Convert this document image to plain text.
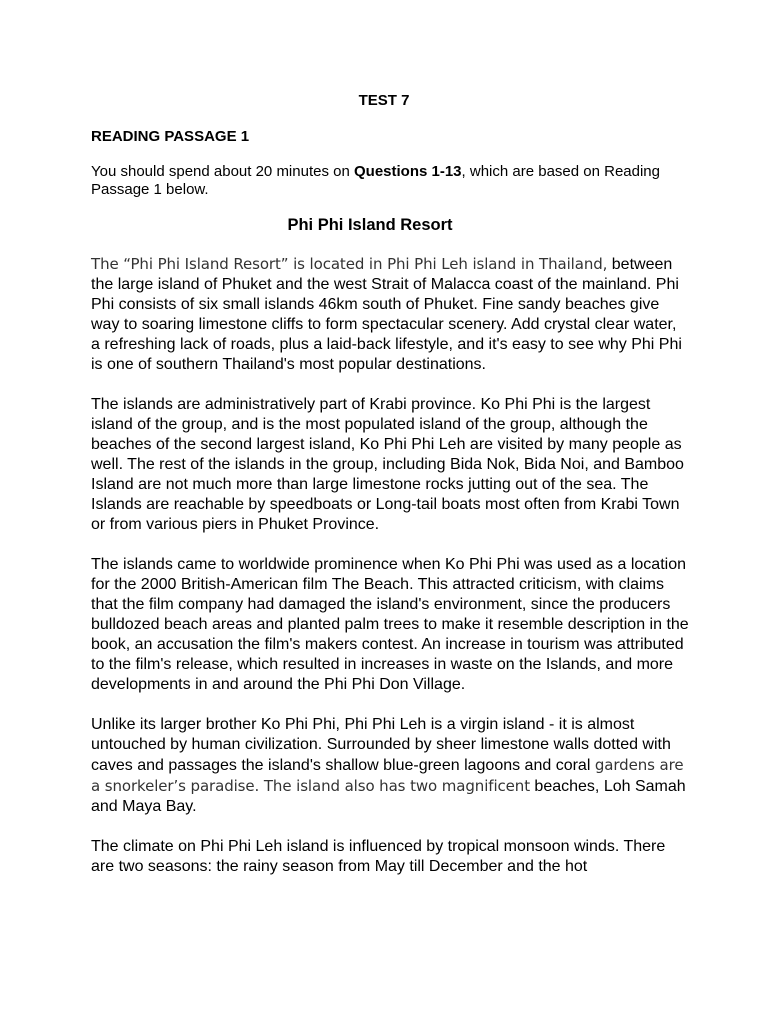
TEST 7
READING PASSAGE 1
You should spend about 20 minutes on Questions 1-13, which are based on Reading Passage 1 below.
Phi Phi Island Resort

The “Phi Phi Island Resort” is located in Phi Phi Leh island in Thailand, between the large island of Phuket and the west Strait of Malacca coast of the mainland. Phi Phi consists of six small islands 46km south of Phuket. Fine sandy beaches give way to soaring limestone cliffs to form spectacular scenery. Add crystal clear water, a refreshing lack of roads, plus a laid-back lifestyle, and it's easy to see why Phi Phi is one of southern Thailand's most popular destinations.

The islands are administratively part of Krabi province. Ko Phi Phi is the largest island of the group, and is the most populated island of the group, although the beaches of the second largest island, Ko Phi Phi Leh are visited by many people as well. The rest of the islands in the group, including Bida Nok, Bida Noi, and Bamboo Island are not much more than large limestone rocks jutting out of the sea. The Islands are reachable by speedboats or Long-tail boats most often from Krabi Town or from various piers in Phuket Province.

The islands came to worldwide prominence when Ko Phi Phi was used as a location for the 2000 British-American film The Beach. This attracted criticism, with claims that the film company had damaged the island's environment, since the producers bulldozed beach areas and planted palm trees to make it resemble description in the book, an accusation the film's makers contest. An increase in tourism was attributed to the film's release, which resulted in increases in waste on the Islands, and more developments in and around the Phi Phi Don Village.

Unlike its larger brother Ko Phi Phi, Phi Phi Leh is a virgin island - it is almost untouched by human civilization. Surrounded by sheer limestone walls dotted with caves and passages the island's shallow blue-green lagoons and coral gardens are a snorkeler’s paradise. The island also has two magnificent beaches, Loh Samah and Maya Bay.

The climate on Phi Phi Leh island is influenced by tropical monsoon winds. There are two seasons: the rainy season from May till December and the hot
